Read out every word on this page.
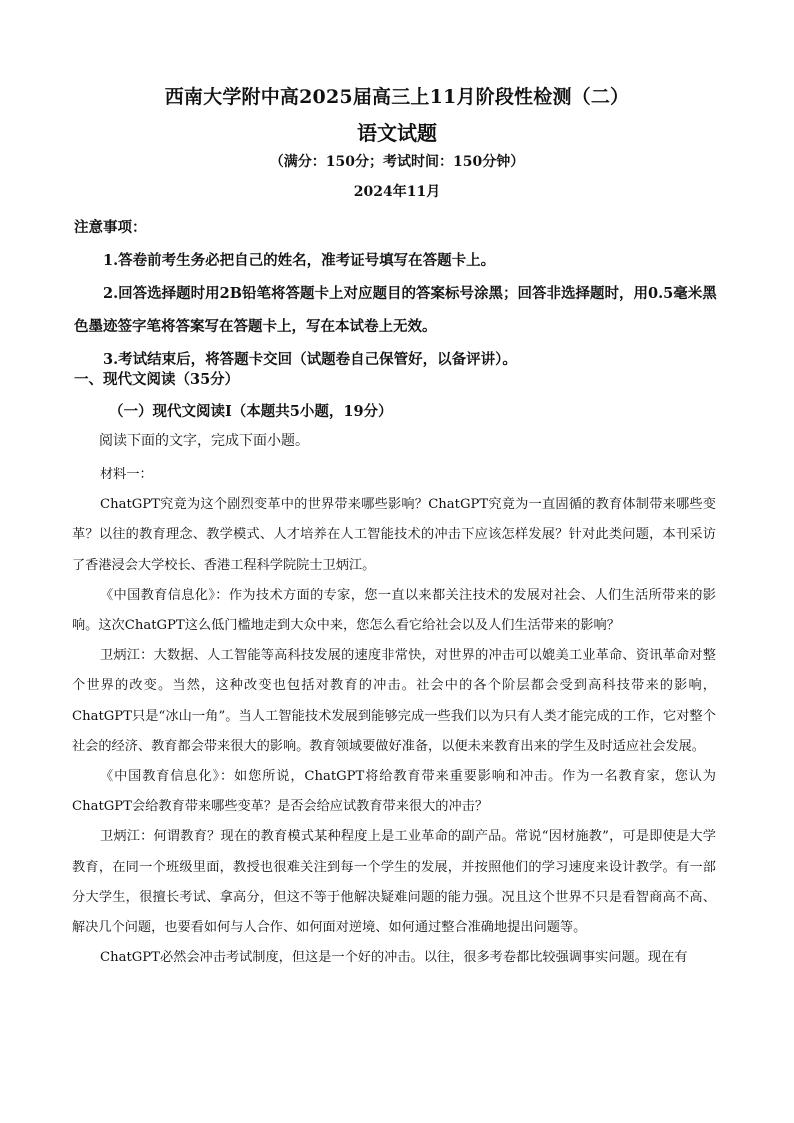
西南大学附中高2025届高三上11月阶段性检测（二）
语文试题
（满分：150分；考试时间：150分钟）
2024年11月

注意事项：

1.答卷前考生务必把自己的姓名，准考证号填写在答题卡上。

2.回答选择题时用2B铅笔将答题卡上对应题目的答案标号涂黑；回答非选择题时，用0.5毫米黑色墨迹签字笔将答案写在答题卡上，写在本试卷上无效。

3.考试结束后，将答题卡交回（试题卷自己保管好，以备评讲）。

一、现代文阅读（35分）
（一）现代文阅读Ⅰ（本题共5小题，19分）
阅读下面的文字，完成下面小题。

材料一：

ChatGPT究竟为这个剧烈变革中的世界带来哪些影响？ChatGPT究竟为一直固循的教育体制带来哪些变革？以往的教育理念、教学模式、人才培养在人工智能技术的冲击下应该怎样发展？针对此类问题，本刊采访了香港浸会大学校长、香港工程科学院院士卫炳江。

《中国教育信息化》：作为技术方面的专家，您一直以来都关注技术的发展对社会、人们生活所带来的影响。这次ChatGPT这么低门槛地走到大众中来，您怎么看它给社会以及人们生活带来的影响？

卫炳江：大数据、人工智能等高科技发展的速度非常快，对世界的冲击可以媲美工业革命、资讯革命对整个世界的改变。当然，这种改变也包括对教育的冲击。社会中的各个阶层都会受到高科技带来的影响，ChatGPT只是“冰山一角”。当人工智能技术发展到能够完成一些我们以为只有人类才能完成的工作，它对整个社会的经济、教育都会带来很大的影响。教育领域要做好准备，以便未来教育出来的学生及时适应社会发展。

《中国教育信息化》：如您所说，ChatGPT将给教育带来重要影响和冲击。作为一名教育家，您认为ChatGPT会给教育带来哪些变革？是否会给应试教育带来很大的冲击？

卫炳江：何谓教育？现在的教育模式某种程度上是工业革命的副产品。常说“因材施教”，可是即使是大学教育，在同一个班级里面，教授也很难关注到每一个学生的发展，并按照他们的学习速度来设计教学。有一部分大学生，很擅长考试、拿高分，但这不等于他解决疑难问题的能力强。况且这个世界不只是看智商高不高、解决几个问题，也要看如何与人合作、如何面对逆境、如何通过整合准确地提出问题等。

ChatGPT必然会冲击考试制度，但这是一个好的冲击。以往，很多考卷都比较强调事实问题。现在有
